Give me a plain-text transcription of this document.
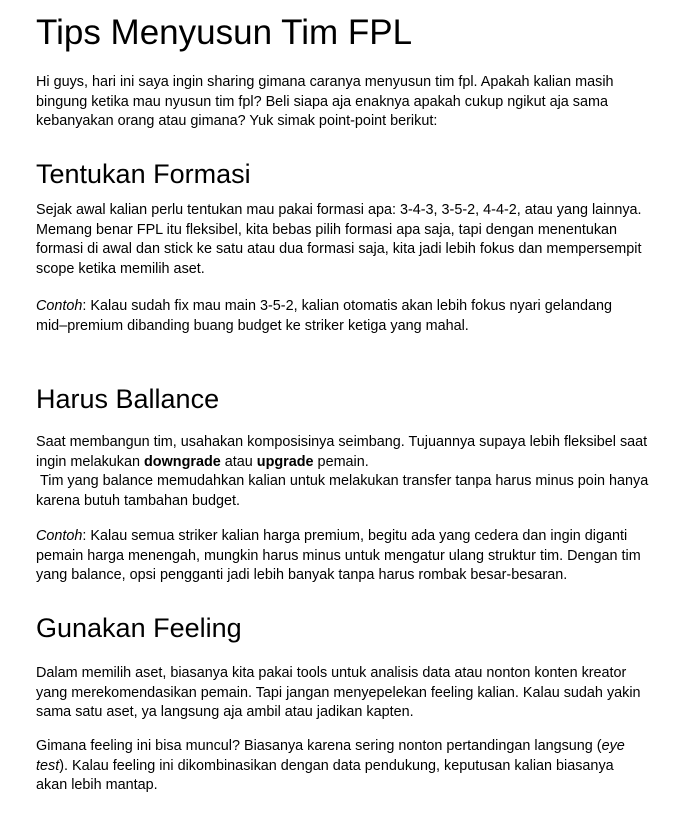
Tips Menyusun Tim FPL

Hi guys, hari ini saya ingin sharing gimana caranya menyusun tim fpl. Apakah kalian masih
bingung ketika mau nyusun tim fpl? Beli siapa aja enaknya apakah cukup ngikut aja sama
kebanyakan orang atau gimana? Yuk simak point-point berikut:

Tentukan Formasi

Sejak awal kalian perlu tentukan mau pakai formasi apa: 3-4-3, 3-5-2, 4-4-2, atau yang lainnya.
Memang benar FPL itu fleksibel, kita bebas pilih formasi apa saja, tapi dengan menentukan
formasi di awal dan stick ke satu atau dua formasi saja, kita jadi lebih fokus dan mempersempit
scope ketika memilih aset.

Contoh: Kalau sudah fix mau main 3-5-2, kalian otomatis akan lebih fokus nyari gelandang
mid–premium dibanding buang budget ke striker ketiga yang mahal.

Harus Ballance

Saat membangun tim, usahakan komposisinya seimbang. Tujuannya supaya lebih fleksibel saat
ingin melakukan downgrade atau upgrade pemain.
Tim yang balance memudahkan kalian untuk melakukan transfer tanpa harus minus poin hanya
karena butuh tambahan budget.

Contoh: Kalau semua striker kalian harga premium, begitu ada yang cedera dan ingin diganti
pemain harga menengah, mungkin harus minus untuk mengatur ulang struktur tim. Dengan tim
yang balance, opsi pengganti jadi lebih banyak tanpa harus rombak besar-besaran.

Gunakan Feeling

Dalam memilih aset, biasanya kita pakai tools untuk analisis data atau nonton konten kreator
yang merekomendasikan pemain. Tapi jangan menyepelekan feeling kalian. Kalau sudah yakin
sama satu aset, ya langsung aja ambil atau jadikan kapten.

Gimana feeling ini bisa muncul? Biasanya karena sering nonton pertandingan langsung (eye
test). Kalau feeling ini dikombinasikan dengan data pendukung, keputusan kalian biasanya
akan lebih mantap.
